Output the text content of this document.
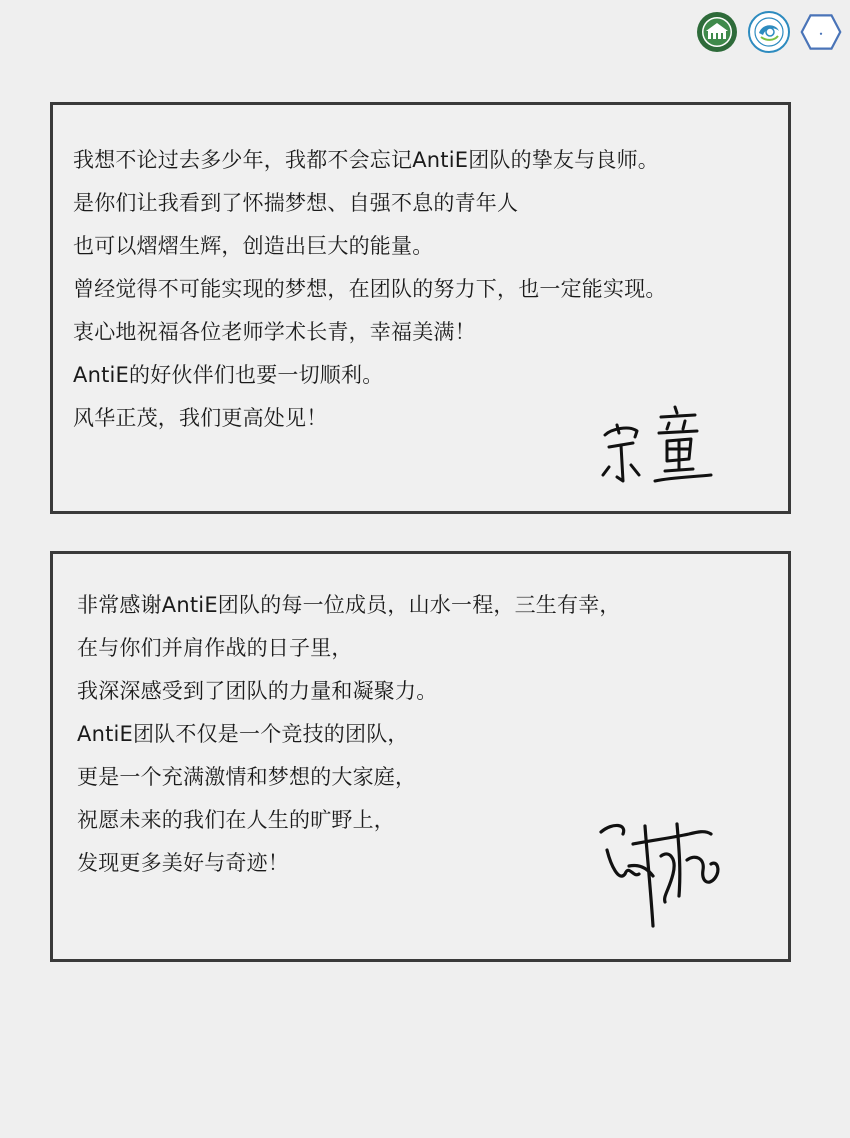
我想不论过去多少年，我都不会忘记AntiE团队的挚友与良师。
是你们让我看到了怀揣梦想、自强不息的青年人
也可以熠熠生辉，创造出巨大的能量。
曾经觉得不可能实现的梦想，在团队的努力下，也一定能实现。
衷心地祝福各位老师学术长青，幸福美满！
AntiE的好伙伴们也要一切顺利。
风华正茂，我们更高处见！
非常感谢AntiE团队的每一位成员，山水一程，三生有幸，
在与你们并肩作战的日子里，
我深深感受到了团队的力量和凝聚力。
AntiE团队不仅是一个竞技的团队，
更是一个充满激情和梦想的大家庭，
祝愿未来的我们在人生的旷野上，
发现更多美好与奇迹！
